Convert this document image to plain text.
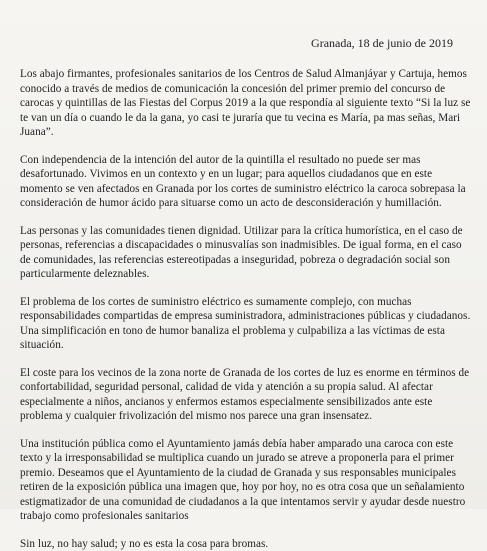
Granada, 18 de junio de 2019

Los abajo firmantes, profesionales sanitarios de los Centros de Salud Almanjáyar y Cartuja, hemos conocido a través de medios de comunicación la concesión del primer premio del concurso de carocas y quintillas de las Fiestas del Corpus 2019 a la que respondía al siguiente texto “Si la luz se te van un día o cuando le da la gana, yo casi te juraría que tu vecina es María, pa mas señas, Mari Juana”.

Con independencia de la intención del autor de la quintilla el resultado no puede ser mas desafortunado. Vivimos en un contexto y en un lugar; para aquellos ciudadanos que en este momento se ven afectados en Granada por los cortes de suministro eléctrico la caroca sobrepasa la consideración de humor ácido para situarse como un acto de desconsideración y humillación.

Las personas y las comunidades tienen dignidad. Utilizar para la crítica humorística, en el caso de personas, referencias a discapacidades o minusvalías son inadmisibles. De igual forma, en el caso de comunidades, las referencias estereotipadas a inseguridad, pobreza o degradación social son particularmente deleznables.

El problema de los cortes de suministro eléctrico es sumamente complejo, con muchas responsabilidades compartidas de empresa suministradora, administraciones públicas y ciudadanos. Una simplificación en tono de humor banaliza el problema y culpabiliza a las víctimas de esta situación.

El coste para los vecinos de la zona norte de Granada de los cortes de luz es enorme en términos de confortabilidad, seguridad personal, calidad de vida y atención a su propia salud. Al afectar especialmente a niños, ancianos y enfermos estamos especialmente sensibilizados ante este problema y cualquier frivolización del mismo nos parece una gran insensatez.

Una institución pública como el Ayuntamiento jamás debía haber amparado una caroca con este texto y la irresponsabilidad se multiplica cuando un jurado se atreve a proponerla para el primer premio. Deseamos que el Ayuntamiento de la ciudad de Granada y sus responsables municipales retiren de la exposición pública una imagen que, hoy por hoy, no es otra cosa que un señalamiento estigmatizador de una comunidad de ciudadanos a la que intentamos servir y ayudar desde nuestro trabajo como profesionales sanitarios

Sin luz, no hay salud; y no es esta la cosa para bromas.
